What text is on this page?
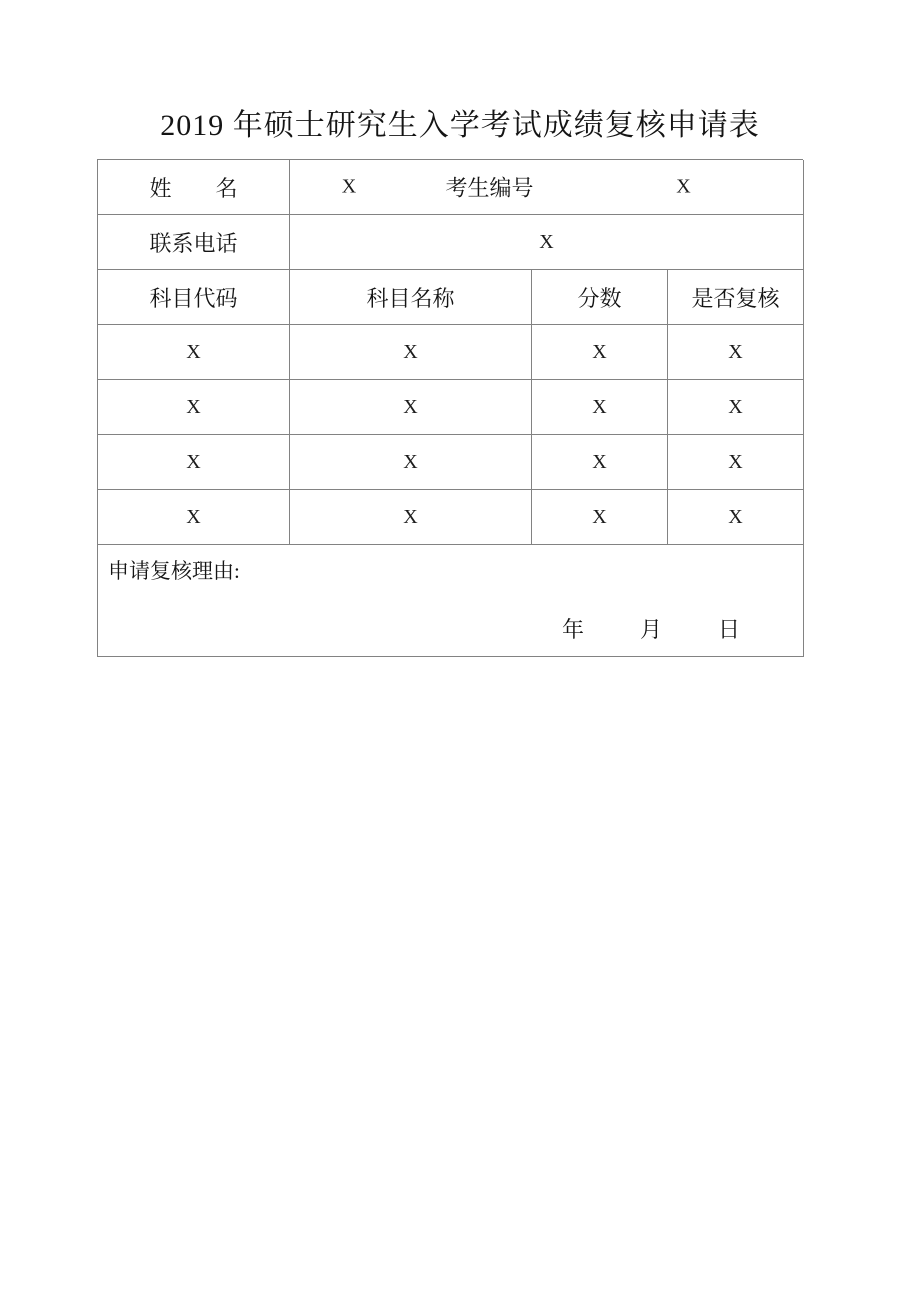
2019 年硕士研究生入学考试成绩复核申请表
姓　　名	X	考生编号	X
联系电话	X
科目代码	科目名称	分数	是否复核
X	X	X	X
X	X	X	X
X	X	X	X
X	X	X	X
申请复核理由:
年	月	日
